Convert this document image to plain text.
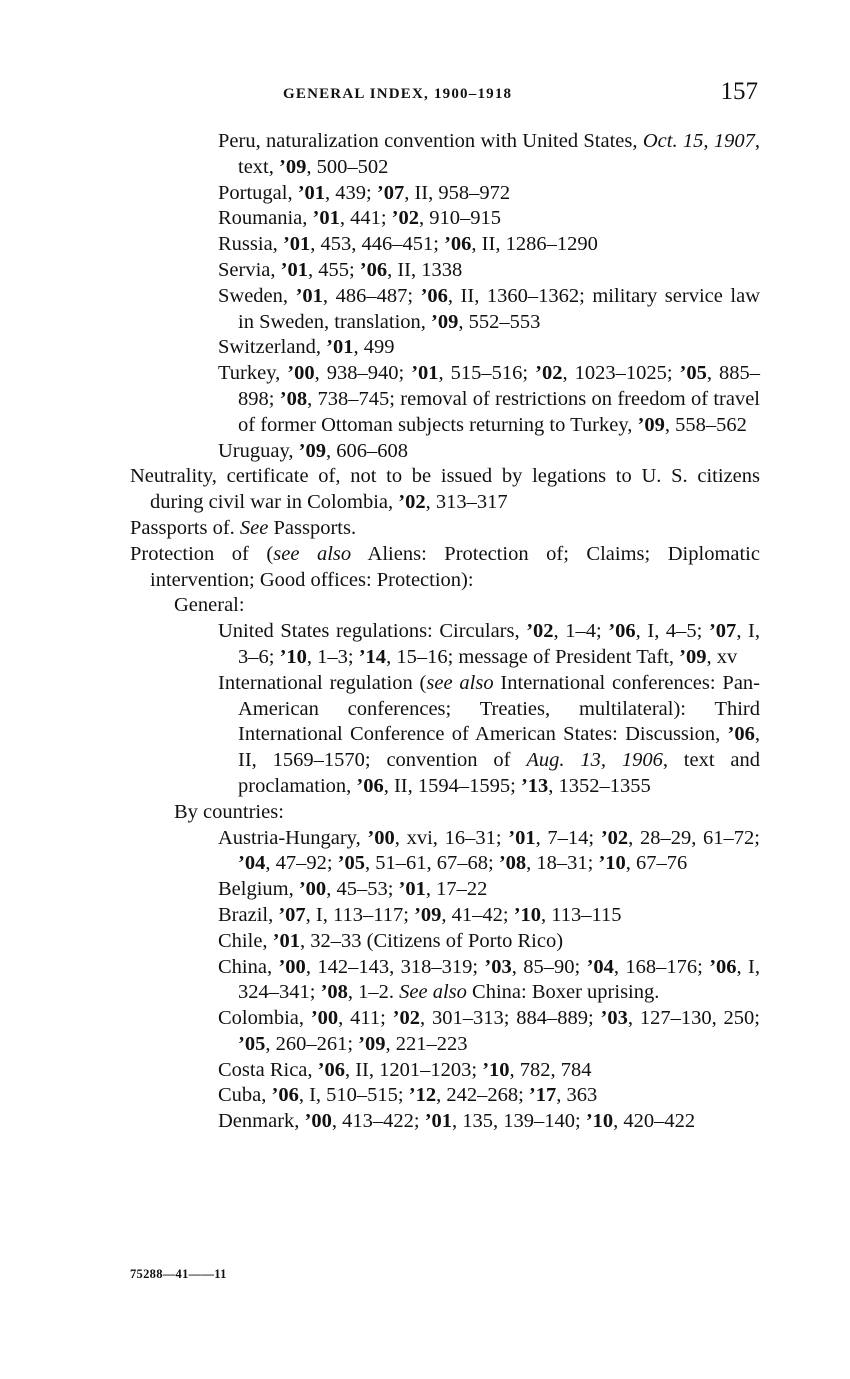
GENERAL INDEX, 1900–1918	157
Peru, naturalization convention with United States, Oct. 15, 1907, text, ’09, 500–502
Portugal, ’01, 439; ’07, II, 958–972
Roumania, ’01, 441; ’02, 910–915
Russia, ’01, 453, 446–451; ’06, II, 1286–1290
Servia, ’01, 455; ’06, II, 1338
Sweden, ’01, 486–487; ’06, II, 1360–1362; military service law in Sweden, translation, ’09, 552–553
Switzerland, ’01, 499
Turkey, ’00, 938–940; ’01, 515–516; ’02, 1023–1025; ’05, 885–898; ’08, 738–745; removal of restrictions on freedom of travel of former Ottoman subjects returning to Turkey, ’09, 558–562
Uruguay, ’09, 606–608
Neutrality, certificate of, not to be issued by legations to U. S. citizens during civil war in Colombia, ’02, 313–317
Passports of. See Passports.
Protection of (see also Aliens: Protection of; Claims; Diplomatic intervention; Good offices: Protection):
General:
United States regulations: Circulars, ’02, 1–4; ’06, I, 4–5; ’07, I, 3–6; ’10, 1–3; ’14, 15–16; message of President Taft, ’09, xv
International regulation (see also International conferences: Pan-American conferences; Treaties, multilateral): Third International Conference of American States: Discussion, ’06, II, 1569–1570; convention of Aug. 13, 1906, text and proclamation, ’06, II, 1594–1595; ’13, 1352–1355
By countries:
Austria-Hungary, ’00, xvi, 16–31; ’01, 7–14; ’02, 28–29, 61–72; ’04, 47–92; ’05, 51–61, 67–68; ’08, 18–31; ’10, 67–76
Belgium, ’00, 45–53; ’01, 17–22
Brazil, ’07, I, 113–117; ’09, 41–42; ’10, 113–115
Chile, ’01, 32–33 (Citizens of Porto Rico)
China, ’00, 142–143, 318–319; ’03, 85–90; ’04, 168–176; ’06, I, 324–341; ’08, 1–2. See also China: Boxer uprising.
Colombia, ’00, 411; ’02, 301–313; 884–889; ’03, 127–130, 250; ’05, 260–261; ’09, 221–223
Costa Rica, ’06, II, 1201–1203; ’10, 782, 784
Cuba, ’06, I, 510–515; ’12, 242–268; ’17, 363
Denmark, ’00, 413–422; ’01, 135, 139–140; ’10, 420–422
75288—41——11
